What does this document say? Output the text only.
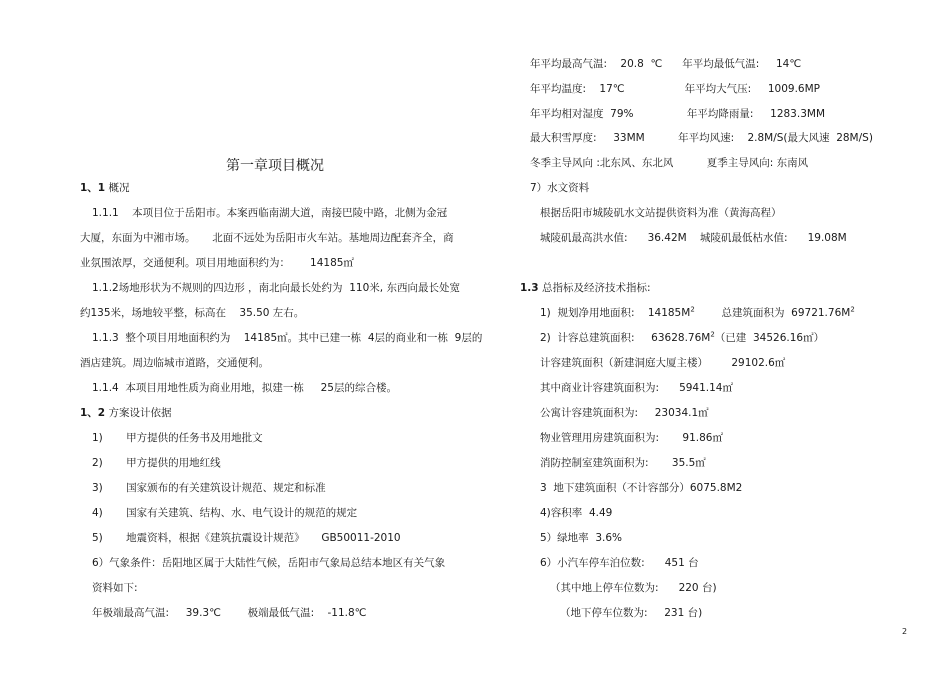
第一章项目概况
1、1 概况
1.1.1    本项目位于岳阳市。本案西临南湖大道，南接巴陵中路，北侧为金冠
大厦，东面为中湘市场。     北面不远处为岳阳市火车站。基地周边配套齐全，商
业氛围浓厚，交通便利。项目用地面积约为：      14185㎡
1.1.2场地形状为不规则的四边形 ，南北向最长处约为  110米, 东西向最长处宽
约135米，场地较平整，标高在    35.50 左右。
1.1.3  整个项目用地面积约为    14185㎡。其中已建一栋  4层的商业和一栋  9层的
酒店建筑。周边临城市道路，交通便利。
1.1.4  本项目用地性质为商业用地，拟建一栋     25层的综合楼。
1、2 方案设计依据
1)       甲方提供的任务书及用地批文
2)       甲方提供的用地红线
3)       国家颁布的有关建筑设计规范、规定和标准
4)       国家有关建筑、结构、水、电气设计的规范的规定
5)       地震资料，根据《建筑抗震设计规范》     GB50011-2010
6）气象条件：岳阳地区属于大陆性气候，岳阳市气象局总结本地区有关气象
资料如下:
年极端最高气温:     39.3℃        极端最低气温:    -11.8℃
年平均最高气温:    20.8  ℃      年平均最低气温:     14℃
年平均温度:    17℃                  年平均大气压:     1009.6MP
年平均相对湿度  79%                年平均降雨量:     1283.3MM
最大积雪厚度:     33MM          年平均风速:    2.8M/S(最大风速  28M/S)
冬季主导风向 :北东风、东北风          夏季主导风向: 东南风
7）水文资料
根据岳阳市城陵矶水文站提供资料为准（黄海高程）
城陵矶最高洪水值:      36.42M    城陵矶最低枯水值:      19.08M
1.3 总指标及经济技术指标:
1)  规划净用地面积:    $14185M^2$        总建筑面积为  $69721.76M^2$
2)  计容总建筑面积:     $63628.76M^2$（已建  34526.16㎡）
计容建筑面积（新建洞庭大厦主楼）       29102.6㎡
其中商业计容建筑面积为:      5941.14㎡
公寓计容建筑面积为:     23034.1㎡
物业管理用房建筑面积为:       91.86㎡
消防控制室建筑面积为:       35.5㎡
3  地下建筑面积（不计容部分）6075.8M2
4)容积率  4.49
5）绿地率  3.6%
6）小汽车停车泊位数:      451 台
（其中地上停车位数为:      220 台)
（地下停车位数为:     231 台)
2
